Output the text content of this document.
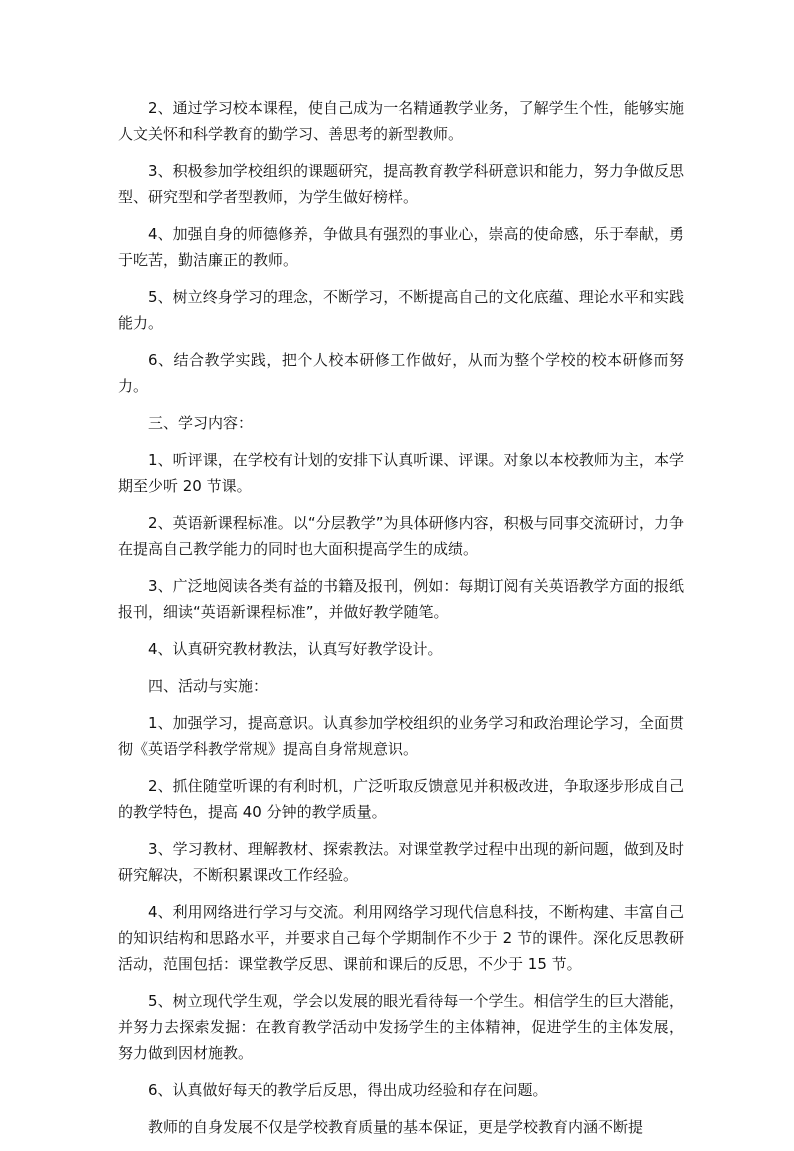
2、通过学习校本课程，使自己成为一名精通教学业务，了解学生个性，能够实施人文关怀和科学教育的勤学习、善思考的新型教师。

3、积极参加学校组织的课题研究，提高教育教学科研意识和能力，努力争做反思型、研究型和学者型教师，为学生做好榜样。

4、加强自身的师德修养，争做具有强烈的事业心，崇高的使命感，乐于奉献，勇于吃苦，勤洁廉正的教师。

5、树立终身学习的理念，不断学习，不断提高自己的文化底蕴、理论水平和实践能力。

6、结合教学实践，把个人校本研修工作做好，从而为整个学校的校本研修而努力。

三、学习内容：

1、听评课，在学校有计划的安排下认真听课、评课。对象以本校教师为主，本学期至少听 20 节课。

2、英语新课程标准。以“分层教学”为具体研修内容，积极与同事交流研讨，力争在提高自己教学能力的同时也大面积提高学生的成绩。

3、广泛地阅读各类有益的书籍及报刊，例如：每期订阅有关英语教学方面的报纸报刊，细读“英语新课程标准”，并做好教学随笔。

4、认真研究教材教法，认真写好教学设计。

四、活动与实施：

1、加强学习，提高意识。认真参加学校组织的业务学习和政治理论学习，全面贯彻《英语学科教学常规》提高自身常规意识。

2、抓住随堂听课的有利时机，广泛听取反馈意见并积极改进，争取逐步形成自己的教学特色，提高 40 分钟的教学质量。

3、学习教材、理解教材、探索教法。对课堂教学过程中出现的新问题，做到及时研究解决，不断积累课改工作经验。

4、利用网络进行学习与交流。利用网络学习现代信息科技，不断构建、丰富自己的知识结构和思路水平，并要求自己每个学期制作不少于 2 节的课件。深化反思教研活动，范围包括：课堂教学反思、课前和课后的反思，不少于 15 节。

5、树立现代学生观，学会以发展的眼光看待每一个学生。相信学生的巨大潜能，并努力去探索发掘：在教育教学活动中发扬学生的主体精神，促进学生的主体发展，努力做到因材施教。

6、认真做好每天的教学后反思，得出成功经验和存在问题。

教师的自身发展不仅是学校教育质量的基本保证，更是学校教育内涵不断提
